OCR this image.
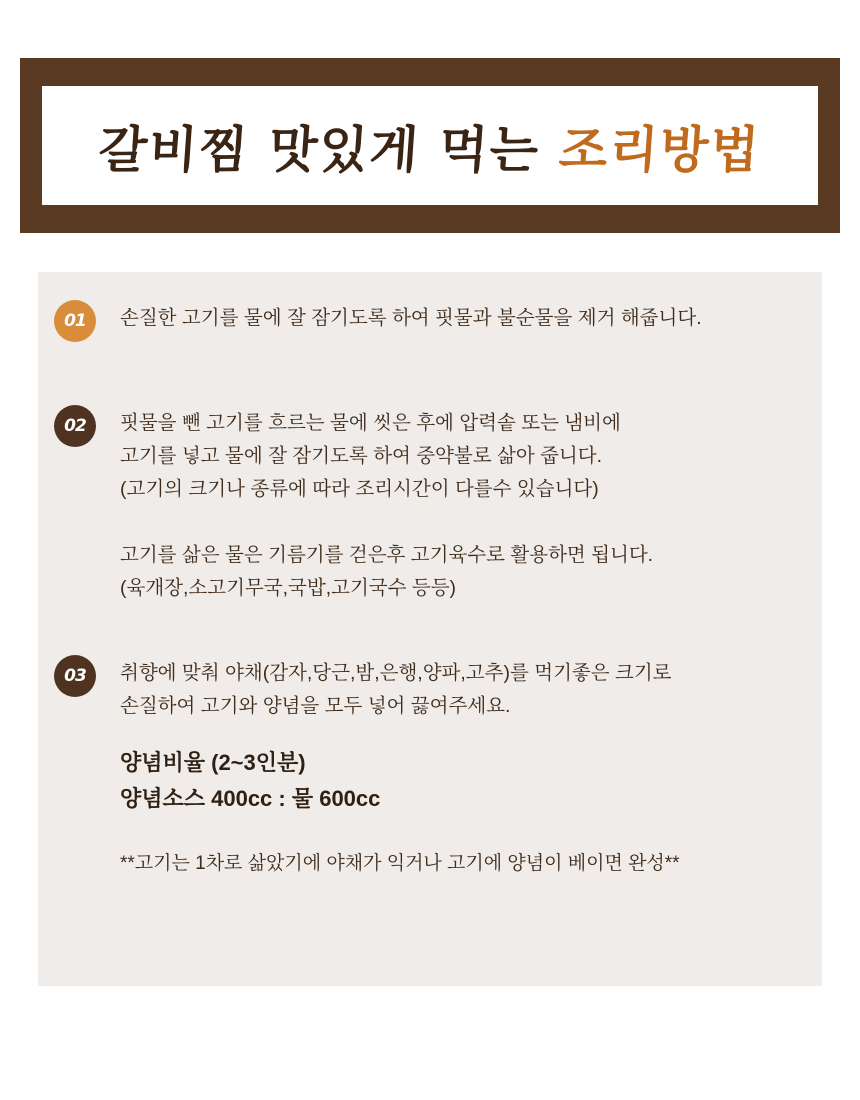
갈비찜 맛있게 먹는 조리방법
01	손질한 고기를 물에 잘 잠기도록 하여 핏물과 불순물을 제거 해줍니다.
02	핏물을 뺀 고기를 흐르는 물에 씻은 후에 압력솥 또는 냄비에
고기를 넣고 물에 잘 잠기도록 하여 중약불로 삶아 줍니다.
(고기의 크기나 종류에 따라 조리시간이 다를수 있습니다)
고기를 삶은 물은 기름기를 걷은후 고기육수로 활용하면 됩니다.
(육개장,소고기무국,국밥,고기국수 등등)
03	취향에 맞춰 야채(감자,당근,밤,은행,양파,고추)를 먹기좋은 크기로
손질하여 고기와 양념을 모두 넣어 끓여주세요.
양념비율 (2~3인분)
양념소스 400cc : 물 600cc
**고기는 1차로 삶았기에 야채가 익거나 고기에 양념이 베이면 완성**
